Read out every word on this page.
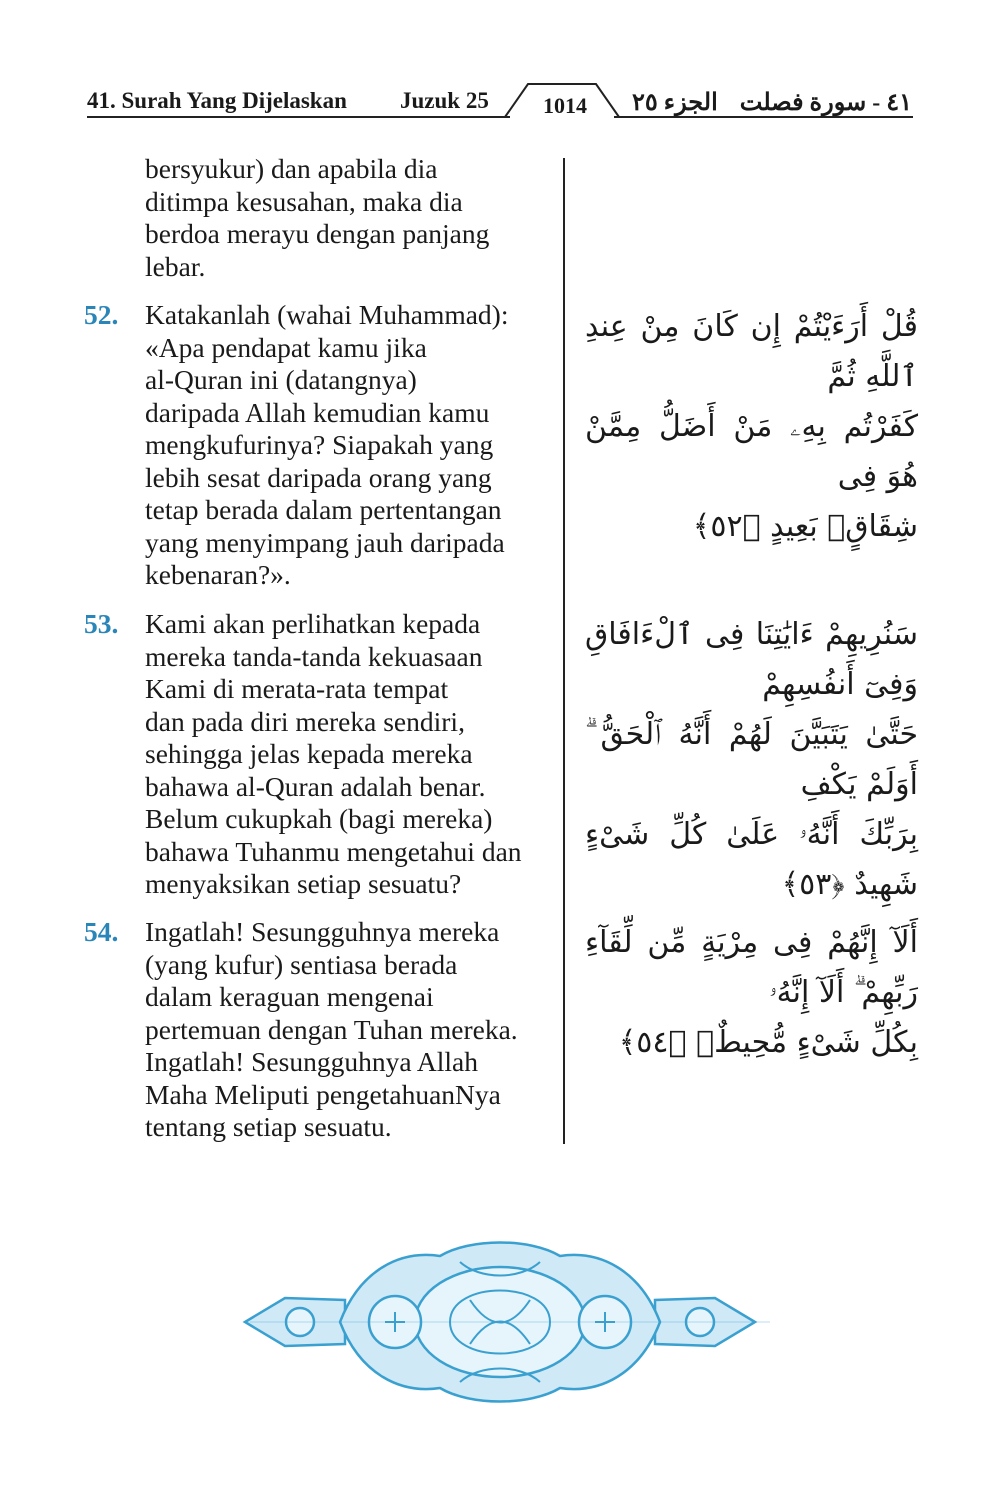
41. Surah Yang Dijelaskan Juzuk 25	1014 الجزء ٢٥ ٤١ - سورة فصلت
bersyukur) dan apabila dia
ditimpa kesusahan, maka dia
berdoa merayu dengan panjang
lebar.
52. Katakanlah (wahai Muhammad):
«Apa pendapat kamu jika
al-Quran ini (datangnya)
daripada Allah kemudian kamu
mengkufurinya? Siapakah yang
lebih sesat daripada orang yang
tetap berada dalam pertentangan
yang menyimpang jauh daripada
kebenaran?».
قُلْ أَرَءَيْتُمْ إِن كَانَ مِنْ عِندِ ٱللَّهِ ثُمَّ
كَفَرْتُم بِهِۦ مَنْ أَضَلُّ مِمَّنْ هُوَ فِى
شِقَاقٍۭ بَعِيدٍ ﴿٥٢﴾
53. Kami akan perlihatkan kepada
mereka tanda-tanda kekuasaan
Kami di merata-rata tempat
dan pada diri mereka sendiri,
sehingga jelas kepada mereka
bahawa al-Quran adalah benar.
Belum cukupkah (bagi mereka)
bahawa Tuhanmu mengetahui dan
menyaksikan setiap sesuatu?
سَنُرِيهِمْ ءَايَٰتِنَا فِى ٱلْءَافَاقِ وَفِىٓ أَنفُسِهِمْ
حَتَّىٰ يَتَبَيَّنَ لَهُمْ أَنَّهُ ٱلْحَقُّ ۗ أَوَلَمْ يَكْفِ
بِرَبِّكَ أَنَّهُۥ عَلَىٰ كُلِّ شَىْءٍ شَهِيدٌ ﴿٥٣﴾
54. Ingatlah! Sesungguhnya mereka
(yang kufur) sentiasa berada
dalam keraguan mengenai
pertemuan dengan Tuhan mereka.
Ingatlah! Sesungguhnya Allah
Maha Meliputi pengetahuanNya
tentang setiap sesuatu.
أَلَآ إِنَّهُمْ فِى مِرْيَةٍ مِّن لِّقَآءِ رَبِّهِمْ ۗ أَلَآ إِنَّهُۥ
بِكُلِّ شَىْءٍ مُّحِيطٌۢ ﴿٥٤﴾
